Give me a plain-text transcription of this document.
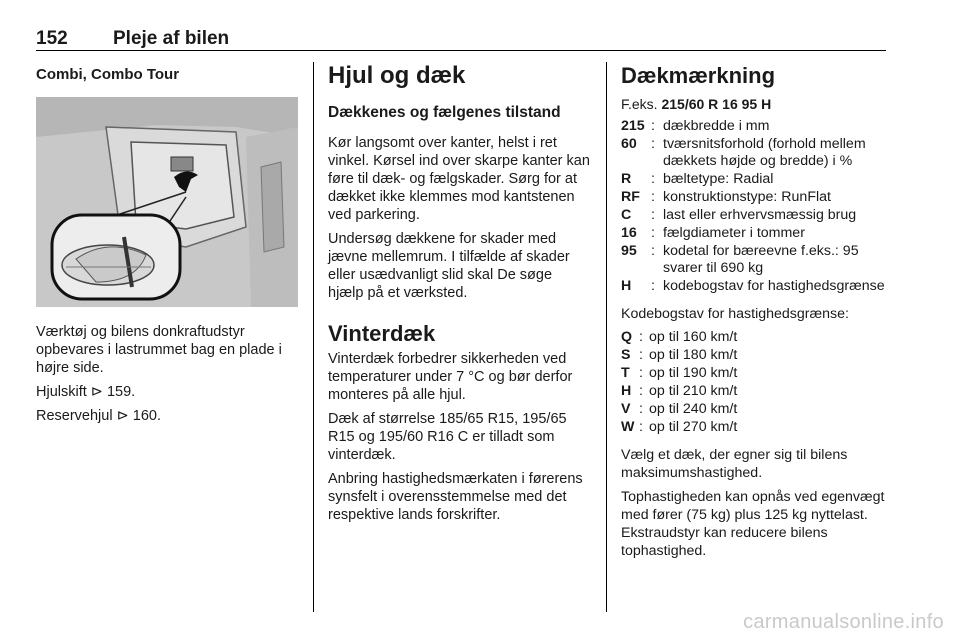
152 Pleje af bilen
Combi, Combo Tour

Værktøj og bilens donkraftudstyr opbevares i lastrummet bag en plade i højre side.

Hjulskift ⊳ 159.

Reservehjul ⊳ 160.

Hjul og dæk
Dækkenes og fælgenes tilstand

Kør langsomt over kanter, helst i ret vinkel. Kørsel ind over skarpe kanter kan føre til dæk- og fælgskader. Sørg for at dækket ikke klemmes mod kantstenen ved parkering.

Undersøg dækkene for skader med jævne mellemrum. I tilfælde af skader eller usædvanligt slid skal De søge hjælp på et værksted.

Vinterdæk

Vinterdæk forbedrer sikkerheden ved temperaturer under 7 °C og bør derfor monteres på alle hjul.

Dæk af størrelse 185/65 R15, 195/65 R15 og 195/60 R16 C er tilladt som vinterdæk.

Anbring hastighedsmærkaten i førerens synsfelt i overensstemmelse med det respektive lands forskrifter.

Dækmærkning
F.eks. 215/60 R 16 95 H
215 : dækbredde i mm
60	: tværsnitsforhold (forhold mellem dækkets højde og bredde) i %
R	: bæltetype: Radial
RF : konstruktionstype: RunFlat
C	: last eller erhvervsmæssig brug
16	: fælgdiameter i tommer
95	: kodetal for bæreevne f.eks.: 95 svarer til 690 kg
H	: kodebogstav for hastighedsgrænse

Kodebogstav for hastighedsgrænse:

Q : op til 160 km/t
S : op til 180 km/t
T : op til 190 km/t
H : op til 210 km/t
V : op til 240 km/t
W : op til 270 km/t

Vælg et dæk, der egner sig til bilens maksimumshastighed.

Tophastigheden kan opnås ved egenvægt med fører (75 kg) plus 125 kg nyttelast. Ekstraudstyr kan reducere bilens tophastighed.

carmanualsonline.info
